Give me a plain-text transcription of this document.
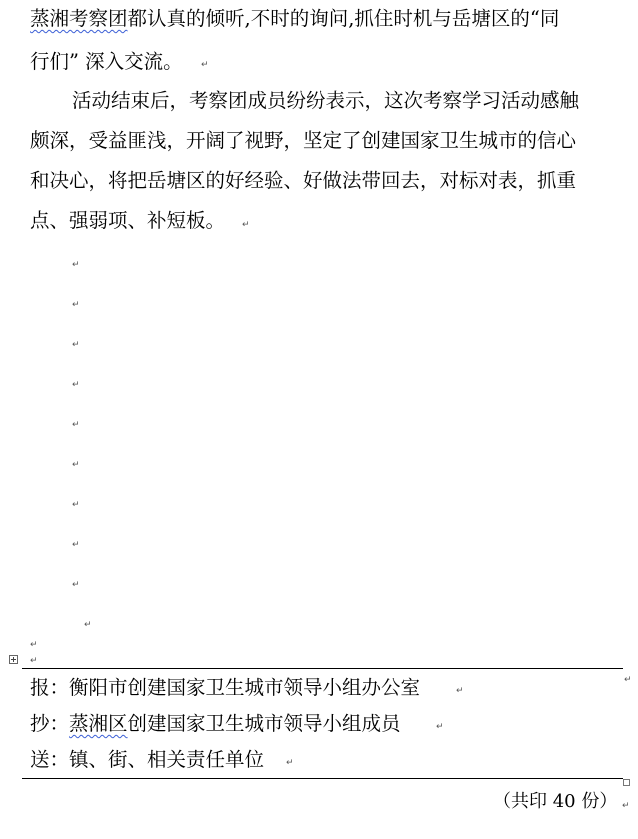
蒸湘考察团都认真的倾听,不时的询问,抓住时机与岳塘区的“同
行们” 深入交流。 ↵
活动结束后，考察团成员纷纷表示，这次考察学习活动感触
颇深，受益匪浅，开阔了视野，坚定了创建国家卫生城市的信心
和决心，将把岳塘区的好经验、好做法带回去，对标对表，抓重
点、强弱项、补短板。 ↵
↵
↵
↵
↵
↵
↵
↵
↵
↵
↵
↵
↵
↵
报：衡阳市创建国家卫生城市领导小组办公室	↵
抄：蒸湘区创建国家卫生城市领导小组成员	↵
送：镇、街、相关责任单位 ↵
（共印 40 份） ↵
